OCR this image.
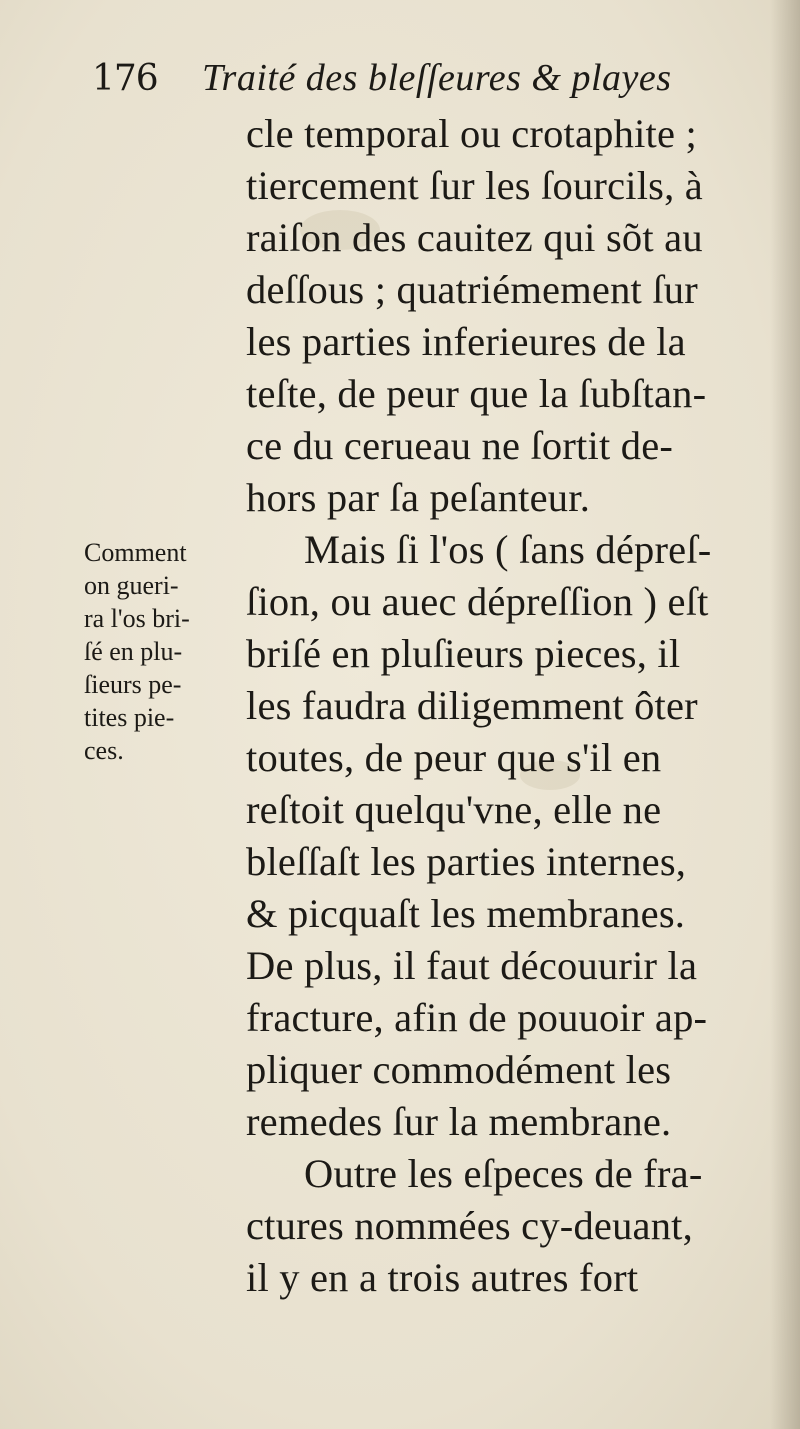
176 Traité des bleſſeures & playes
Comment
on gueri-
ra l'os bri-
ſé en plu-
ſieurs pe-
tites pie-
ces.
cle temporal ou crotaphite ;
tiercement ſur les ſourcils, à
raiſon des cauitez qui sõt au
deſſous ; quatriémement ſur
les parties inferieures de la
teſte, de peur que la ſubſtan-
ce du cerueau ne ſortit de-
hors par ſa peſanteur.
Mais ſi l'os ( ſans dépreſ-
ſion, ou auec dépreſſion ) eſt
briſé en pluſieurs pieces, il
les faudra diligemment ôter
toutes, de peur que s'il en
reſtoit quelqu'vne, elle ne
bleſſaſt les parties internes,
& picquaſt les membranes.
De plus, il faut découurir la
fracture, afin de pouuoir ap-
pliquer commodément les
remedes ſur la membrane.
Outre les eſpeces de fra-
ctures nommées cy-deuant,
il y en a trois autres fort
